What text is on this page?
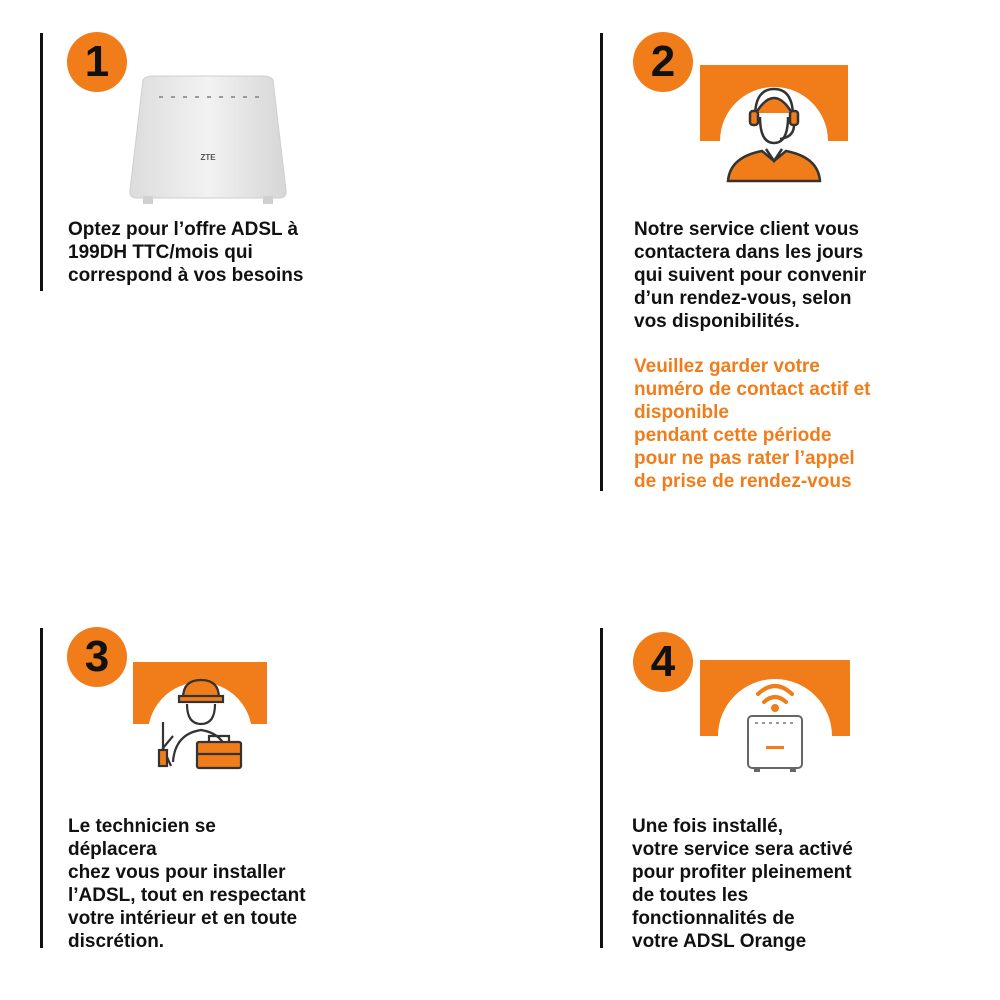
1
ZTE
Optez pour l’offre ADSL à
199DH TTC/mois qui
correspond à vos besoins
2
Notre service client vous
contactera dans les jours
qui suivent pour convenir
d’un rendez-vous, selon
vos disponibilités.
Veuillez garder votre
numéro de contact actif et
disponible
pendant cette période
pour ne pas rater l’appel
de prise de rendez-vous
3
Le technicien se
déplacera
chez vous pour installer
l’ADSL, tout en respectant
votre intérieur et en toute
discrétion.
4
Une fois installé,
votre service sera activé
pour profiter pleinement
de toutes les
fonctionnalités de
votre ADSL Orange
